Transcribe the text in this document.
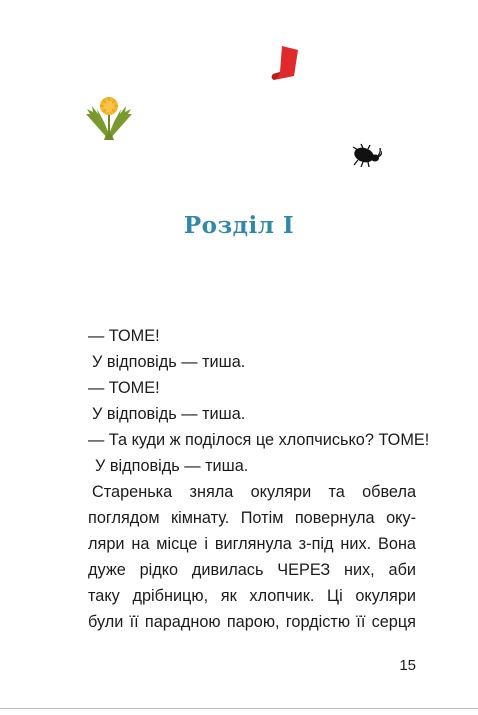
Розділ І
— ТОМЕ!
У відповідь — тиша.
— ТОМЕ!
У відповідь — тиша.
— Та куди ж поділося це хлопчисько? ТОМЕ!
У відповідь — тиша.
Старенька зняла окуляри та обвела
поглядом кімнату. Потім повернула оку-
ляри на місце і виглянула з-під них. Вона
дуже рідко дивилась ЧЕРЕЗ них, аби
таку дрібницю, як хлопчик. Ці окуляри
були її парадною парою, гордістю її серця
15
